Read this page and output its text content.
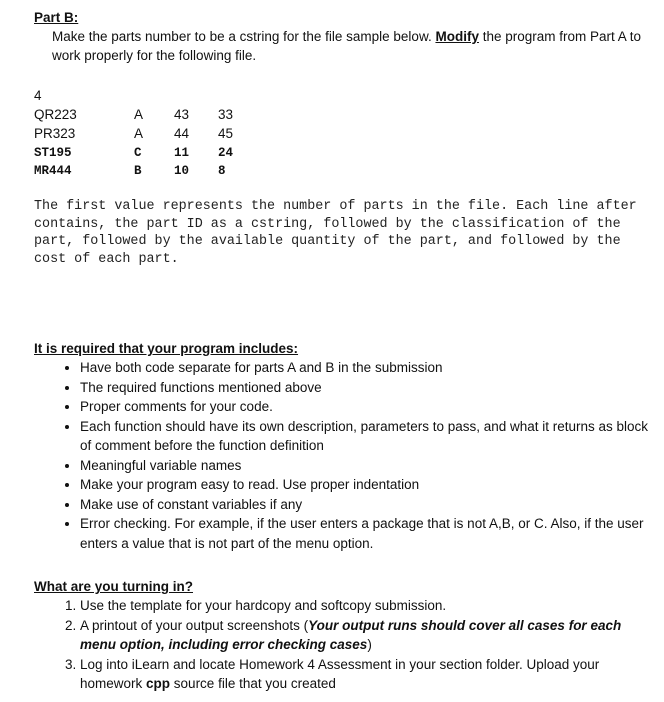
Part B:
Make the parts number to be a cstring for the file sample below. Modify the program from Part A to work properly for the following file.
4
QR223	A 43 33
PR323	A 44 45
ST195	C	11 24
MR444	B	10 8
The first value represents the number of parts in the file. Each line after contains, the part ID as a cstring, followed by the classification of the part, followed by the available quantity of the part, and followed by the cost of each part.
It is required that your program includes:
• Have both code separate for parts A and B in the submission
• The required functions mentioned above
• Proper comments for your code.
• Each function should have its own description, parameters to pass, and what it returns as block of comment before the function definition
• Meaningful variable names
• Make your program easy to read. Use proper indentation
• Make use of constant variables if any
• Error checking. For example, if the user enters a package that is not A,B, or C. Also, if the user enters a value that is not part of the menu option.
What are you turning in?
1. Use the template for your hardcopy and softcopy submission.
2. A printout of your output screenshots (Your output runs should cover all cases for each menu option, including error checking cases)
3. Log into iLearn and locate Homework 4 Assessment in your section folder. Upload your homework cpp source file that you created
